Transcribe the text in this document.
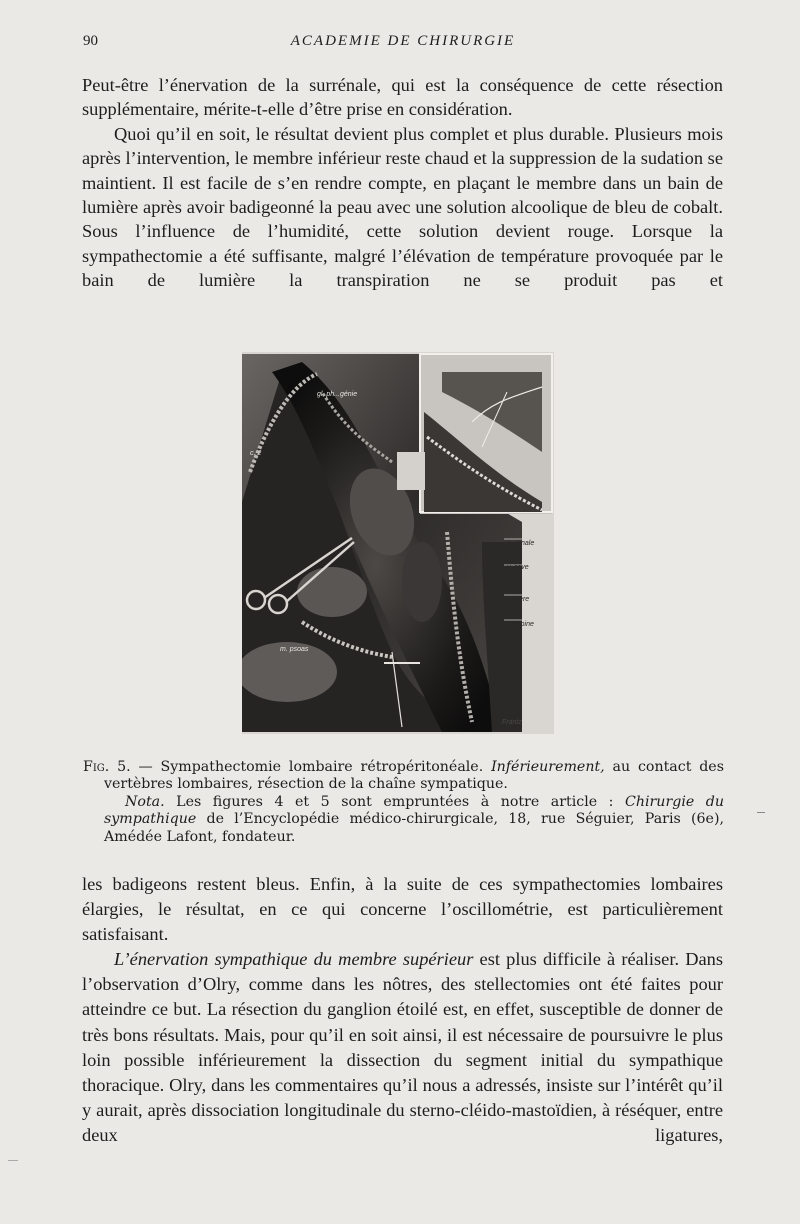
90	ACADEMIE DE CHIRURGIE

Peut-être l’énervation de la surrénale, qui est la conséquence de cette résection supplémentaire, mérite-t-elle d’être prise en considération.

Quoi qu’il en soit, le résultat devient plus complet et plus durable. Plusieurs mois après l’intervention, le membre inférieur reste chaud et la suppression de la sudation se maintient. Il est facile de s’en rendre compte, en plaçant le membre dans un bain de lumière après avoir badigeonné la peau avec une solution alcoolique de bleu de cobalt. Sous l’influence de l’humidité, cette solution devient rouge. Lorsque la sympathectomie a été suffisante, malgré l’élévation de température provoquée par le bain de lumière la transpiration ne se produit pas et

gl. ph...génie
c. 2
a. rénale
v. cave
uretère
péritoine
m. psoas
Frantz

Fig. 5. — Sympathectomie lombaire rétropéritonéale. Inférieurement, au contact des vertèbres lombaires, résection de la chaîne sympatique.

Nota. Les figures 4 et 5 sont empruntées à notre article : Chirurgie du sympathique de l’Encyclopédie médico-chirurgicale, 18, rue Séguier, Paris (6e), Amédée Lafont, fondateur.

les badigeons restent bleus. Enfin, à la suite de ces sympathectomies lombaires élargies, le résultat, en ce qui concerne l’oscillométrie, est particulièrement satisfaisant.

L’énervation sympathique du membre supérieur est plus difficile à réaliser. Dans l’observation d’Olry, comme dans les nôtres, des stellectomies ont été faites pour atteindre ce but. La résection du ganglion étoilé est, en effet, susceptible de donner de très bons résultats. Mais, pour qu’il en soit ainsi, il est nécessaire de poursuivre le plus loin possible inférieurement la dissection du segment initial du sympathique thoracique. Olry, dans les commentaires qu’il nous a adressés, insiste sur l’intérêt qu’il y aurait, après dissociation longitudinale du sterno-cléido-mastoïdien, à réséquer, entre deux ligatures,
